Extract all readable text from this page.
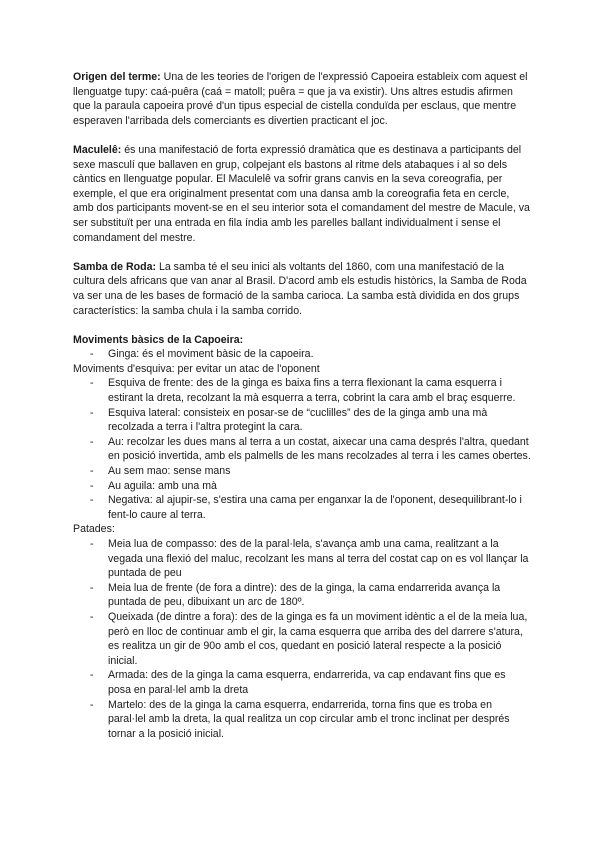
Origen del terme: Una de les teories de l'origen de l'expressió Capoeira estableix com aquest el llenguatge tupy: caá-puêra (caá = matoll; puêra = que ja va existir). Uns altres estudis afirmen que la paraula capoeira prové d'un tipus especial de cistella conduïda per esclaus, que mentre esperaven l'arribada dels comerciants es divertien practicant el joc.

Maculelê: és una manifestació de forta expressió dramàtica que es destinava a participants del sexe masculí que ballaven en grup, colpejant els bastons al ritme dels atabaques i al so dels càntics en llenguatge popular. El Maculelê va sofrir grans canvis en la seva coreografia, per exemple, el que era originalment presentat com una dansa amb la coreografia feta en cercle, amb dos participants movent-se en el seu interior sota el comandament del mestre de Macule, va ser substituït per una entrada en fila índia amb les parelles ballant individualment i sense el comandament del mestre.

Samba de Roda: La samba té el seu inici als voltants del 1860, com una manifestació de la cultura dels africans que van anar al Brasil. D'acord amb els estudis històrics, la Samba de Roda va ser una de les bases de formació de la samba carioca. La samba està dividida en dos grups característics: la samba chula i la samba corrido.

Moviments bàsics de la Capoeira:
- Ginga: és el moviment bàsic de la capoeira.
Moviments d'esquiva: per evitar un atac de l'oponent
- Esquiva de frente: des de la ginga es baixa fins a terra flexionant la cama esquerra i estirant la dreta, recolzant la mà esquerra a terra, cobrint la cara amb el braç esquerre.
- Esquiva lateral: consisteix en posar-se de “cuclilles” des de la ginga amb una mà recolzada a terra i l'altra protegint la cara.
- Au: recolzar les dues mans al terra a un costat, aixecar una cama després l'altra, quedant en posició invertida, amb els palmells de les mans recolzades al terra i les cames obertes.
- Au sem mao: sense mans
- Au aguila: amb una mà
- Negativa: al ajupir-se, s'estira una cama per enganxar la de l'oponent, desequilibrant-lo i fent-lo caure al terra.
Patades:
- Meia lua de compasso: des de la paral·lela, s'avança amb una cama, realitzant a la vegada una flexió del maluc, recolzant les mans al terra del costat cap on es vol llançar la puntada de peu
- Meia lua de frente (de fora a dintre): des de la ginga, la cama endarrerida avança la puntada de peu, dibuixant un arc de 180º.
- Queixada (de dintre a fora): des de la ginga es fa un moviment idèntic a el de la meia lua, però en lloc de continuar amb el gir, la cama esquerra que arriba des del darrere s'atura, es realitza un gir de 90o amb el cos, quedant en posició lateral respecte a la posició inicial.
- Armada: des de la ginga la cama esquerra, endarrerida, va cap endavant fins que es posa en paral·lel amb la dreta
- Martelo: des de la ginga la cama esquerra, endarrerida, torna fins que es troba en paral·lel amb la dreta, la qual realitza un cop circular amb el tronc inclinat per després tornar a la posició inicial.
